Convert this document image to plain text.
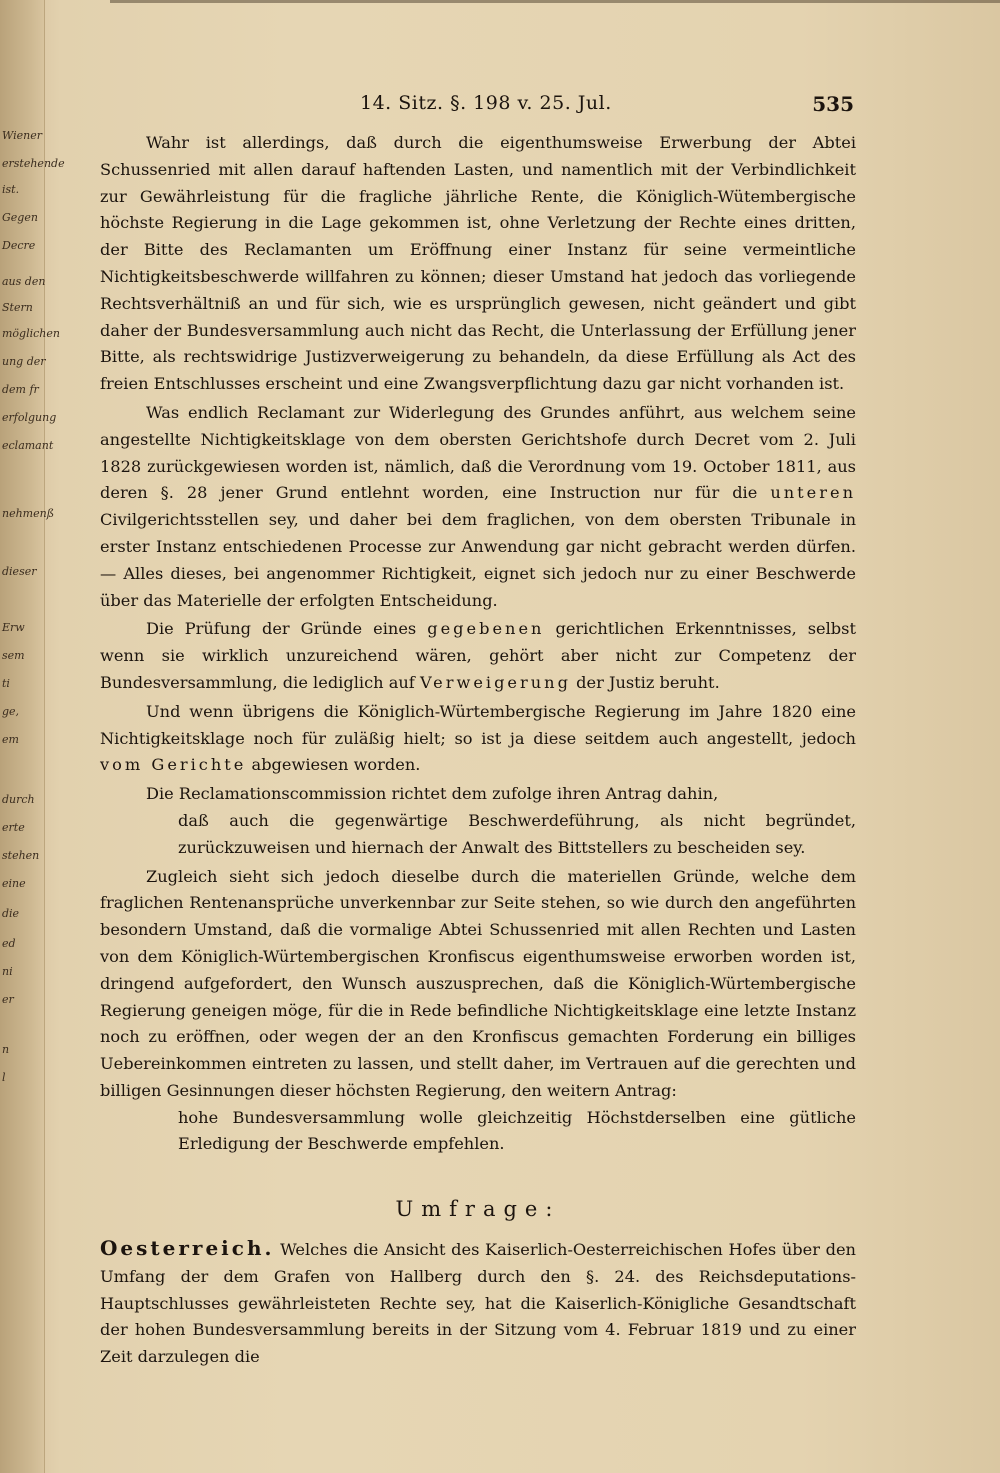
Wiener
erstehende
ist.
Gegen
Decre
aus den
Stern
möglichen
ung der
dem fr
erfolgung
eclamant
nehmenß
dieser
Erw
sem
ti
ge,
em
durch
erte
stehen
eine
die
ed
ni
er
n
l
14. Sitz. §. 198 v. 25. Jul.	535

Wahr ist allerdings, daß durch die eigenthumsweise Erwerbung der Abtei Schussenried mit allen darauf haftenden Lasten, und namentlich mit der Verbindlichkeit zur Gewährleistung für die fragliche jährliche Rente, die Königlich-Wütembergische höchste Regierung in die Lage gekommen ist, ohne Verletzung der Rechte eines dritten, der Bitte des Reclamanten um Eröffnung einer Instanz für seine vermeintliche Nichtigkeitsbeschwerde willfahren zu können; dieser Umstand hat jedoch das vorliegende Rechtsverhältniß an und für sich, wie es ursprünglich gewesen, nicht geändert und gibt daher der Bundesversammlung auch nicht das Recht, die Unterlassung der Erfüllung jener Bitte, als rechtswidrige Justizverweigerung zu behandeln, da diese Erfüllung als Act des freien Entschlusses erscheint und eine Zwangsverpflichtung dazu gar nicht vorhanden ist.

Was endlich Reclamant zur Widerlegung des Grundes anführt, aus welchem seine angestellte Nichtigkeitsklage von dem obersten Gerichtshofe durch Decret vom 2. Juli 1828 zurückgewiesen worden ist, nämlich, daß die Verordnung vom 19. October 1811, aus deren §. 28 jener Grund entlehnt worden, eine Instruction nur für die unteren Civilgerichtsstellen sey, und daher bei dem fraglichen, von dem obersten Tribunale in erster Instanz entschiedenen Processe zur Anwendung gar nicht gebracht werden dürfen. — Alles dieses, bei angenommer Richtigkeit, eignet sich jedoch nur zu einer Beschwerde über das Materielle der erfolgten Entscheidung.

Die Prüfung der Gründe eines gegebenen gerichtlichen Erkenntnisses, selbst wenn sie wirklich unzureichend wären, gehört aber nicht zur Competenz der Bundesversammlung, die lediglich auf Verweigerung der Justiz beruht.

Und wenn übrigens die Königlich-Würtembergische Regierung im Jahre 1820 eine Nichtigkeitsklage noch für zuläßig hielt; so ist ja diese seitdem auch angestellt, jedoch vom Gerichte abgewiesen worden.

Die Reclamationscommission richtet dem zufolge ihren Antrag dahin,

daß auch die gegenwärtige Beschwerdeführung, als nicht begründet, zurückzuweisen und hiernach der Anwalt des Bittstellers zu bescheiden sey.

Zugleich sieht sich jedoch dieselbe durch die materiellen Gründe, welche dem fraglichen Rentenansprüche unverkennbar zur Seite stehen, so wie durch den angeführten besondern Umstand, daß die vormalige Abtei Schussenried mit allen Rechten und Lasten von dem Königlich-Würtembergischen Kronfiscus eigenthumsweise erworben worden ist, dringend aufgefordert, den Wunsch auszusprechen, daß die Königlich-Würtembergische Regierung geneigen möge, für die in Rede befindliche Nichtigkeitsklage eine letzte Instanz noch zu eröffnen, oder wegen der an den Kronfiscus gemachten Forderung ein billiges Uebereinkommen eintreten zu lassen, und stellt daher, im Vertrauen auf die gerechten und billigen Gesinnungen dieser höchsten Regierung, den weitern Antrag:

hohe Bundesversammlung wolle gleichzeitig Höchstderselben eine gütliche Erledigung der Beschwerde empfehlen.

Umfrage:

Oesterreich. Welches die Ansicht des Kaiserlich-Oesterreichischen Hofes über den Umfang der dem Grafen von Hallberg durch den §. 24. des Reichsdeputations-Hauptschlusses gewährleisteten Rechte sey, hat die Kaiserlich-Königliche Gesandtschaft der hohen Bundesversammlung bereits in der Sitzung vom 4. Februar 1819 und zu einer Zeit darzulegen die
